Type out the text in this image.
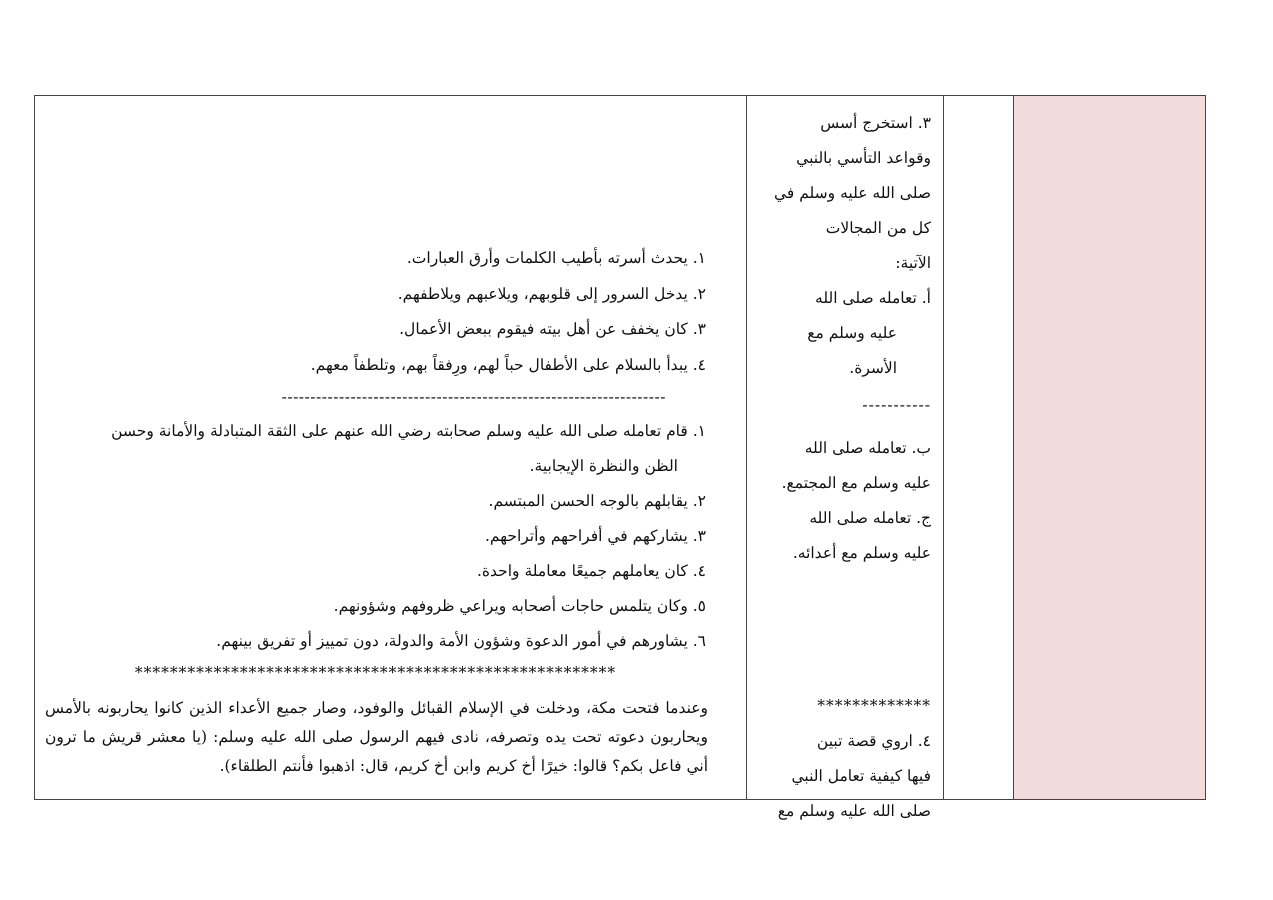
٣. استخرج أسس
وقواعد التأسي بالنبي
صلى الله عليه وسلم في
كل من المجالات
الآتية:
أ. تعامله صلى الله
عليه وسلم مع
الأسرة.
-----------
ب. تعامله صلى الله
عليه وسلم مع المجتمع.
ج. تعامله صلى الله
عليه وسلم مع أعدائه.
*************
٤. اروي قصة تبين
فيها كيفية تعامل النبي
صلى الله عليه وسلم مع
١. يحدث أسرته بأطيب الكلمات وأرق العبارات.
٢. يدخل السرور إلى قلوبهم، ويلاعبهم ويلاطفهم.
٣. كان يخفف عن أهل بيته فيقوم ببعض الأعمال.
٤. يبدأ بالسلام على الأطفال حباً لهم، ورِفقاً بهم، وتلطفاً معهم.
-------------------------------------------------------------------
١. قام تعامله صلى الله عليه وسلم صحابته رضي الله عنهم على الثقة المتبادلة والأمانة وحسن
الظن والنظرة الإيجابية.
٢. يقابلهم بالوجه الحسن المبتسم.
٣. يشاركهم في أفراحهم وأتراحهم.
٤. كان يعاملهم جميعًا معاملة واحدة.
٥. وكان يتلمس حاجات أصحابه ويراعي ظروفهم وشؤونهم.
٦. يشاورهم في أمور الدعوة وشؤون الأمة والدولة، دون تمييز أو تفريق بينهم.
*******************************************************
وعندما فتحت مكة، ودخلت في الإسلام القبائل والوفود، وصار جميع الأعداء الذين كانوا يحاربونه بالأمس ويحاربون دعوته تحت يده وتصرفه، نادى فيهم الرسول صلى الله عليه وسلم: (يا معشر قريش ما ترون أني فاعل بكم؟ قالوا: خيرًا أخ كريم وابن أخ كريم، قال: اذهبوا فأنتم الطلقاء).
